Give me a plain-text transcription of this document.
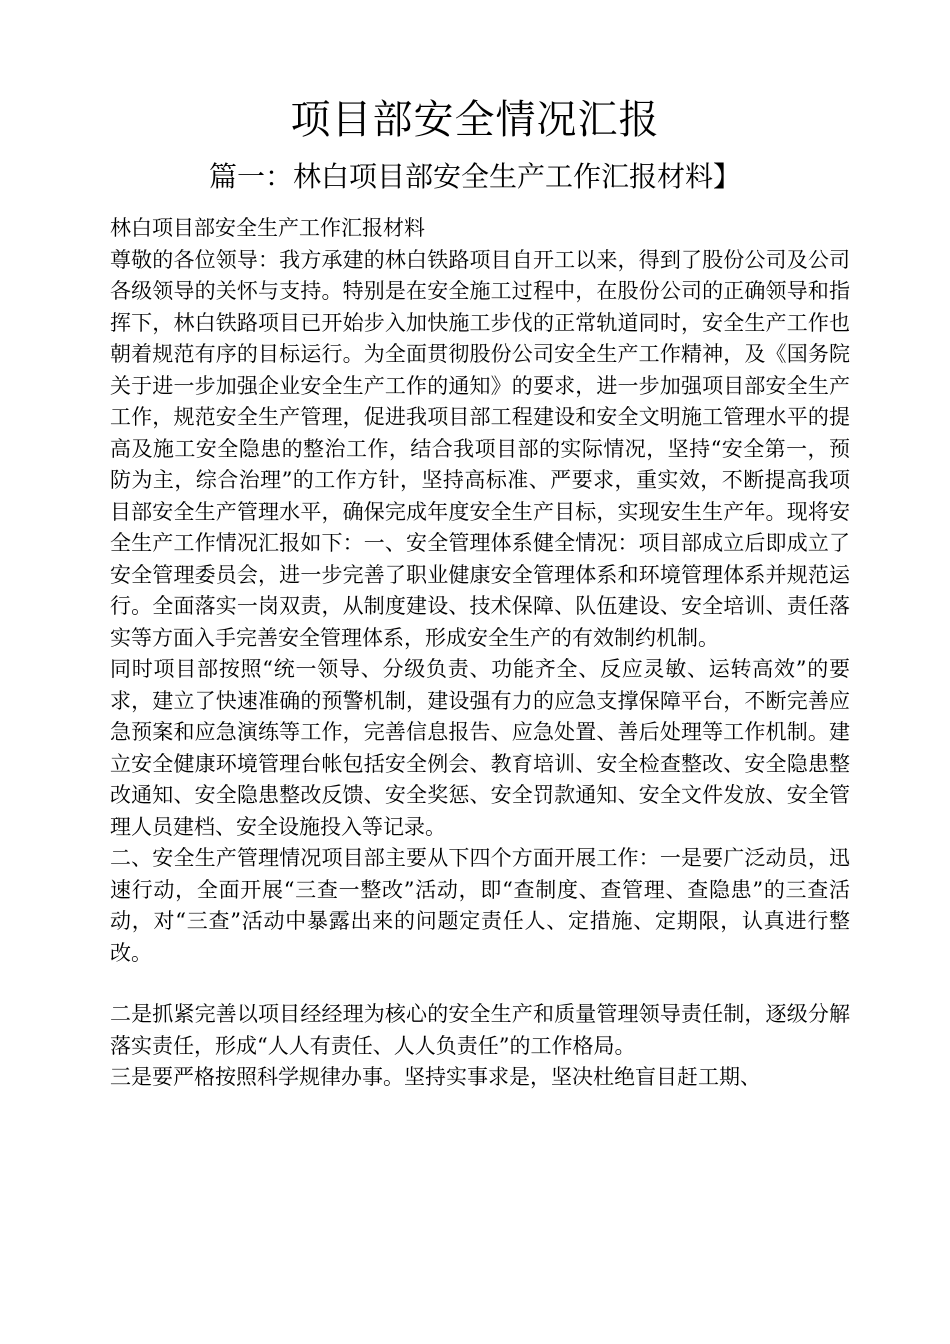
项目部安全情况汇报
篇一：林白项目部安全生产工作汇报材料】

林白项目部安全生产工作汇报材料

尊敬的各位领导：我方承建的林白铁路项目自开工以来，得到了股份公司及公司各级领导的关怀与支持。特别是在安全施工过程中，在股份公司的正确领导和指挥下，林白铁路项目已开始步入加快施工步伐的正常轨道同时，安全生产工作也朝着规范有序的目标运行。为全面贯彻股份公司安全生产工作精神，及《国务院关于进一步加强企业安全生产工作的通知》的要求，进一步加强项目部安全生产工作，规范安全生产管理，促进我项目部工程建设和安全文明施工管理水平的提高及施工安全隐患的整治工作，结合我项目部的实际情况，坚持“安全第一，预防为主，综合治理”的工作方针，坚持高标准、严要求，重实效，不断提高我项目部安全生产管理水平，确保完成年度安全生产目标，实现安生生产年。现将安全生产工作情况汇报如下：一、安全管理体系健全情况：项目部成立后即成立了安全管理委员会，进一步完善了职业健康安全管理体系和环境管理体系并规范运行。全面落实一岗双责，从制度建设、技术保障、队伍建设、安全培训、责任落实等方面入手完善安全管理体系，形成安全生产的有效制约机制。

同时项目部按照“统一领导、分级负责、功能齐全、反应灵敏、运转高效”的要求，建立了快速准确的预警机制，建设强有力的应急支撑保障平台，不断完善应急预案和应急演练等工作，完善信息报告、应急处置、善后处理等工作机制。建立安全健康环境管理台帐包括安全例会、教育培训、安全检查整改、安全隐患整改通知、安全隐患整改反馈、安全奖惩、安全罚款通知、安全文件发放、安全管理人员建档、安全设施投入等记录。

二、安全生产管理情况项目部主要从下四个方面开展工作：一是要广泛动员，迅速行动，全面开展“三查一整改”活动，即“查制度、查管理、查隐患”的三查活动，对“三查”活动中暴露出来的问题定责任人、定措施、定期限，认真进行整改。

二是抓紧完善以项目经经理为核心的安全生产和质量管理领导责任制，逐级分解落实责任，形成“人人有责任、人人负责任”的工作格局。

三是要严格按照科学规律办事。坚持实事求是，坚决杜绝盲目赶工期、
